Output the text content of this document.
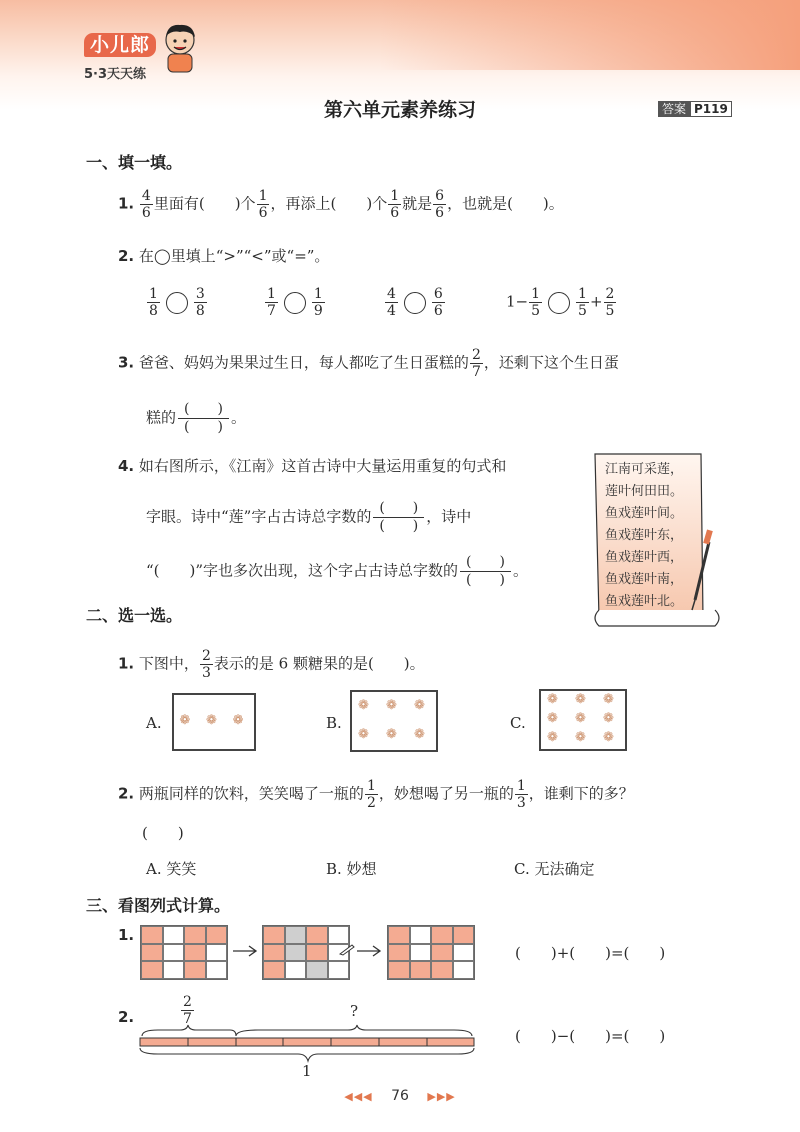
小儿郎
5·3天天练
第六单元素养练习	答案 P119
一、填一填。
1. $\frac{4}{6}$ 里面有(　　)个 $\frac{1}{6}$ ，再添上(　　)个 $\frac{1}{6}$ 就是 $\frac{6}{6}$ ，也就是(　　)。
2. 在◯里填上“>”“<”或“=”。
$\frac{1}{8} \frac{3}{8}$	$\frac{1}{7} \frac{1}{9}$	$\frac{4}{4} \frac{6}{6}$	$1- \frac{1}{5} \frac{1}{5} + \frac{2}{5}$
3. 爸爸、妈妈为果果过生日，每人都吃了生日蛋糕的 $\frac{2}{7}$ ，还剩下这个生日蛋
糕的 $\frac{( )}{( )}$ 。
4. 如右图所示，《江南》这首古诗中大量运用重复的句式和
字眼。诗中“莲”字占古诗总字数的 $\frac{( )}{( )}$ ，诗中
“(　　)”字也多次出现，这个字占古诗总字数的 $\frac{( )}{( )}$ 。
江南可采莲，
莲叶何田田。
鱼戏莲叶间。
鱼戏莲叶东，
鱼戏莲叶西，
鱼戏莲叶南，
鱼戏莲叶北。
二、选一选。
1. 下图中， $\frac{2}{3}$ 表示的是 6 颗糖果的是(　　)。
A. ❁ ❁ ❁	B.
❁ ❁ ❁
❁ ❁ ❁
C.
❁ ❁ ❁
❁ ❁ ❁
❁ ❁ ❁
2. 两瓶同样的饮料，笑笑喝了一瓶的 $\frac{1}{2}$ ，妙想喝了另一瓶的 $\frac{1}{3}$ ，谁剩下的多？
(　　)
A. 笑笑	B. 妙想	C. 无法确定
三、看图列式计算。
1.
(　　)+(　　)=(　　)
2.	$\frac{2}{7}$	?
1
(　　)−(　　)=(　　)
◀◀◀ 76 ▶▶▶
